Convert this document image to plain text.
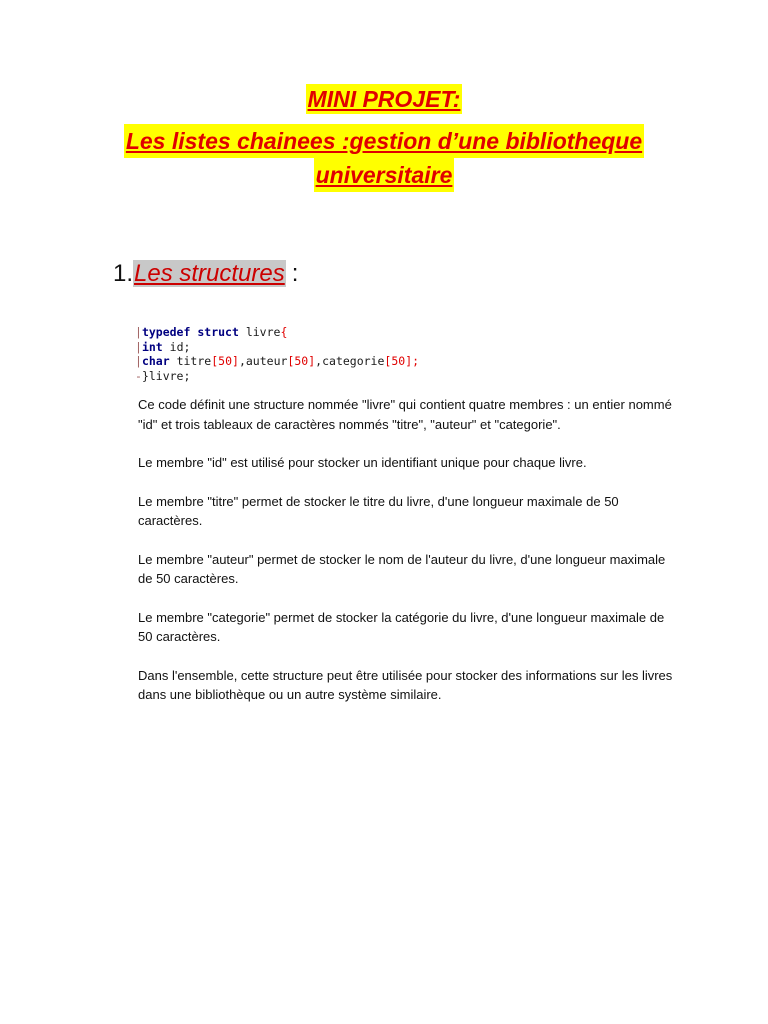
MINI PROJET:
Les listes chainees :gestion d’une bibliotheque
universitaire
1.Les structures :
|typedef struct livre{
|int id;
|char titre[50],auteur[50],categorie[50];
-}livre;

Ce code définit une structure nommée "livre" qui contient quatre membres : un entier nommé "id" et trois tableaux de caractères nommés "titre", "auteur" et "categorie".

Le membre "id" est utilisé pour stocker un identifiant unique pour chaque livre.

Le membre "titre" permet de stocker le titre du livre, d'une longueur maximale de 50 caractères.

Le membre "auteur" permet de stocker le nom de l'auteur du livre, d'une longueur maximale de 50 caractères.

Le membre "categorie" permet de stocker la catégorie du livre, d'une longueur maximale de 50 caractères.

Dans l'ensemble, cette structure peut être utilisée pour stocker des informations sur les livres dans une bibliothèque ou un autre système similaire.
